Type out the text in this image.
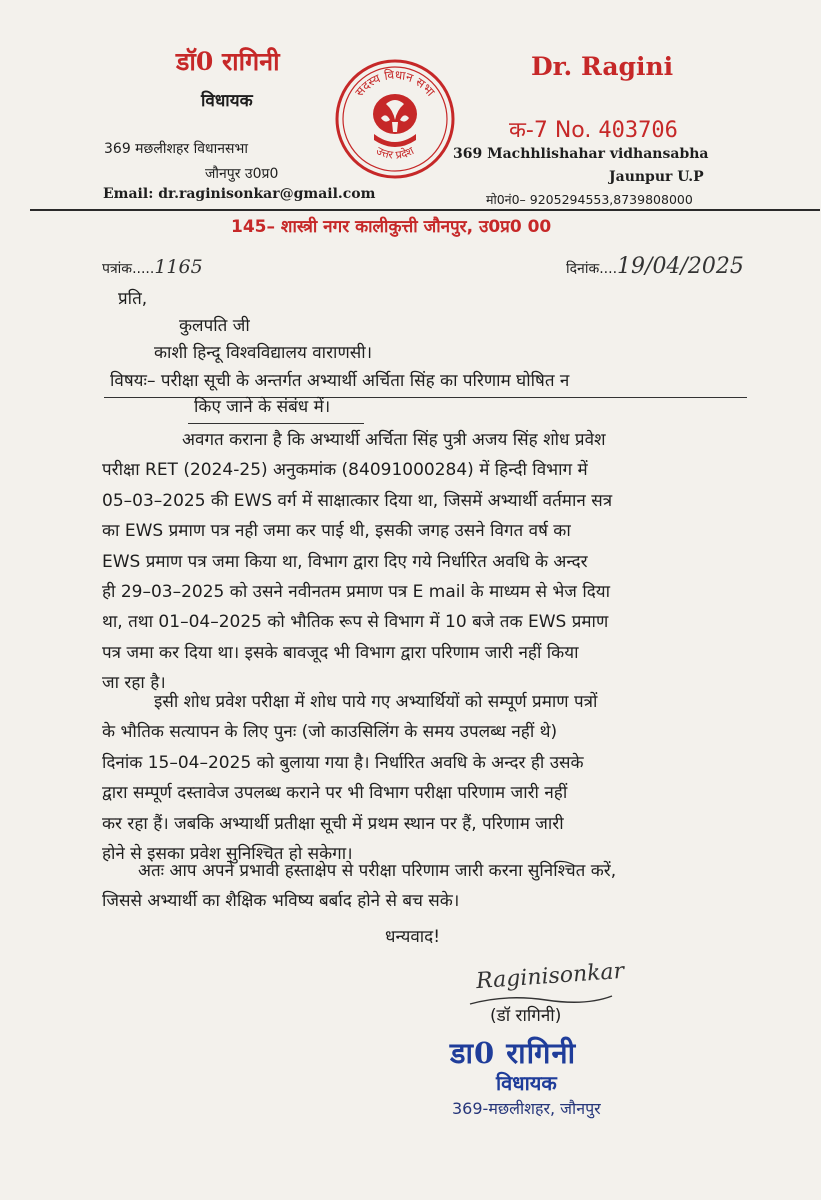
डॉ0 रागिनी
विधायक
369 मछलीशहर विधानसभा
जौनपुर उ0प्र0
Email: dr.raginisonkar@gmail.com
सदस्य विधान सभा
उत्तर प्रदेश
Dr. Ragini
क-7 No. 403706
369 Machhlishahar vidhansabha
Jaunpur U.P
मो0नं0– 9205294553,8739808000
145– शास्त्री नगर कालीकुत्ती जौनपुर, उ0प्र0 00
पत्रांक.....1165	दिनांक....19/04/2025
प्रति,
कुलपति जी
काशी हिन्दू विश्वविद्यालय वाराणसी।
विषयः– परीक्षा सूची के अन्तर्गत अभ्यार्थी अर्चिता सिंह का परिणाम घोषित न
किए जाने के संबंध में।
अवगत कराना है कि अभ्यार्थी अर्चिता सिंह पुत्री अजय सिंह शोध प्रवेश
परीक्षा RET (2024-25) अनुकमांक (84091000284) में हिन्दी विभाग में
05–03–2025 की EWS वर्ग में साक्षात्कार दिया था, जिसमें अभ्यार्थी वर्तमान सत्र
का EWS प्रमाण पत्र नही जमा कर पाई थी, इसकी जगह उसने विगत वर्ष का
EWS प्रमाण पत्र जमा किया था, विभाग द्वारा दिए गये निर्धारित अवधि के अन्दर
ही 29–03–2025 को उसने नवीनतम प्रमाण पत्र E mail के माध्यम से भेज दिया
था, तथा 01–04–2025 को भौतिक रूप से विभाग में 10 बजे तक EWS प्रमाण
पत्र जमा कर दिया था। इसके बावजूद भी विभाग द्वारा परिणाम जारी नहीं किया
जा रहा है।
इसी शोध प्रवेश परीक्षा में शोध पाये गए अभ्यार्थियों को सम्पूर्ण प्रमाण पत्रों
के भौतिक सत्यापन के लिए पुनः (जो काउसिलिंग के समय उपलब्ध नहीं थे)
दिनांक 15–04–2025 को बुलाया गया है। निर्धारित अवधि के अन्दर ही उसके
द्वारा सम्पूर्ण दस्तावेज उपलब्ध कराने पर भी विभाग परीक्षा परिणाम जारी नहीं
कर रहा हैं। जबकि अभ्यार्थी प्रतीक्षा सूची में प्रथम स्थान पर हैं, परिणाम जारी
होने से इसका प्रवेश सुनिश्चित हो सकेगा।
अतः आप अपने प्रभावी हस्ताक्षेप से परीक्षा परिणाम जारी करना सुनिश्चित करें,
जिससे अभ्यार्थी का शैक्षिक भविष्य बर्बाद होने से बच सके।
धन्यवाद!
Raginisonkar
(डॉ रागिनी)
डा0 रागिनी
विधायक
369-मछलीशहर, जौनपुर
